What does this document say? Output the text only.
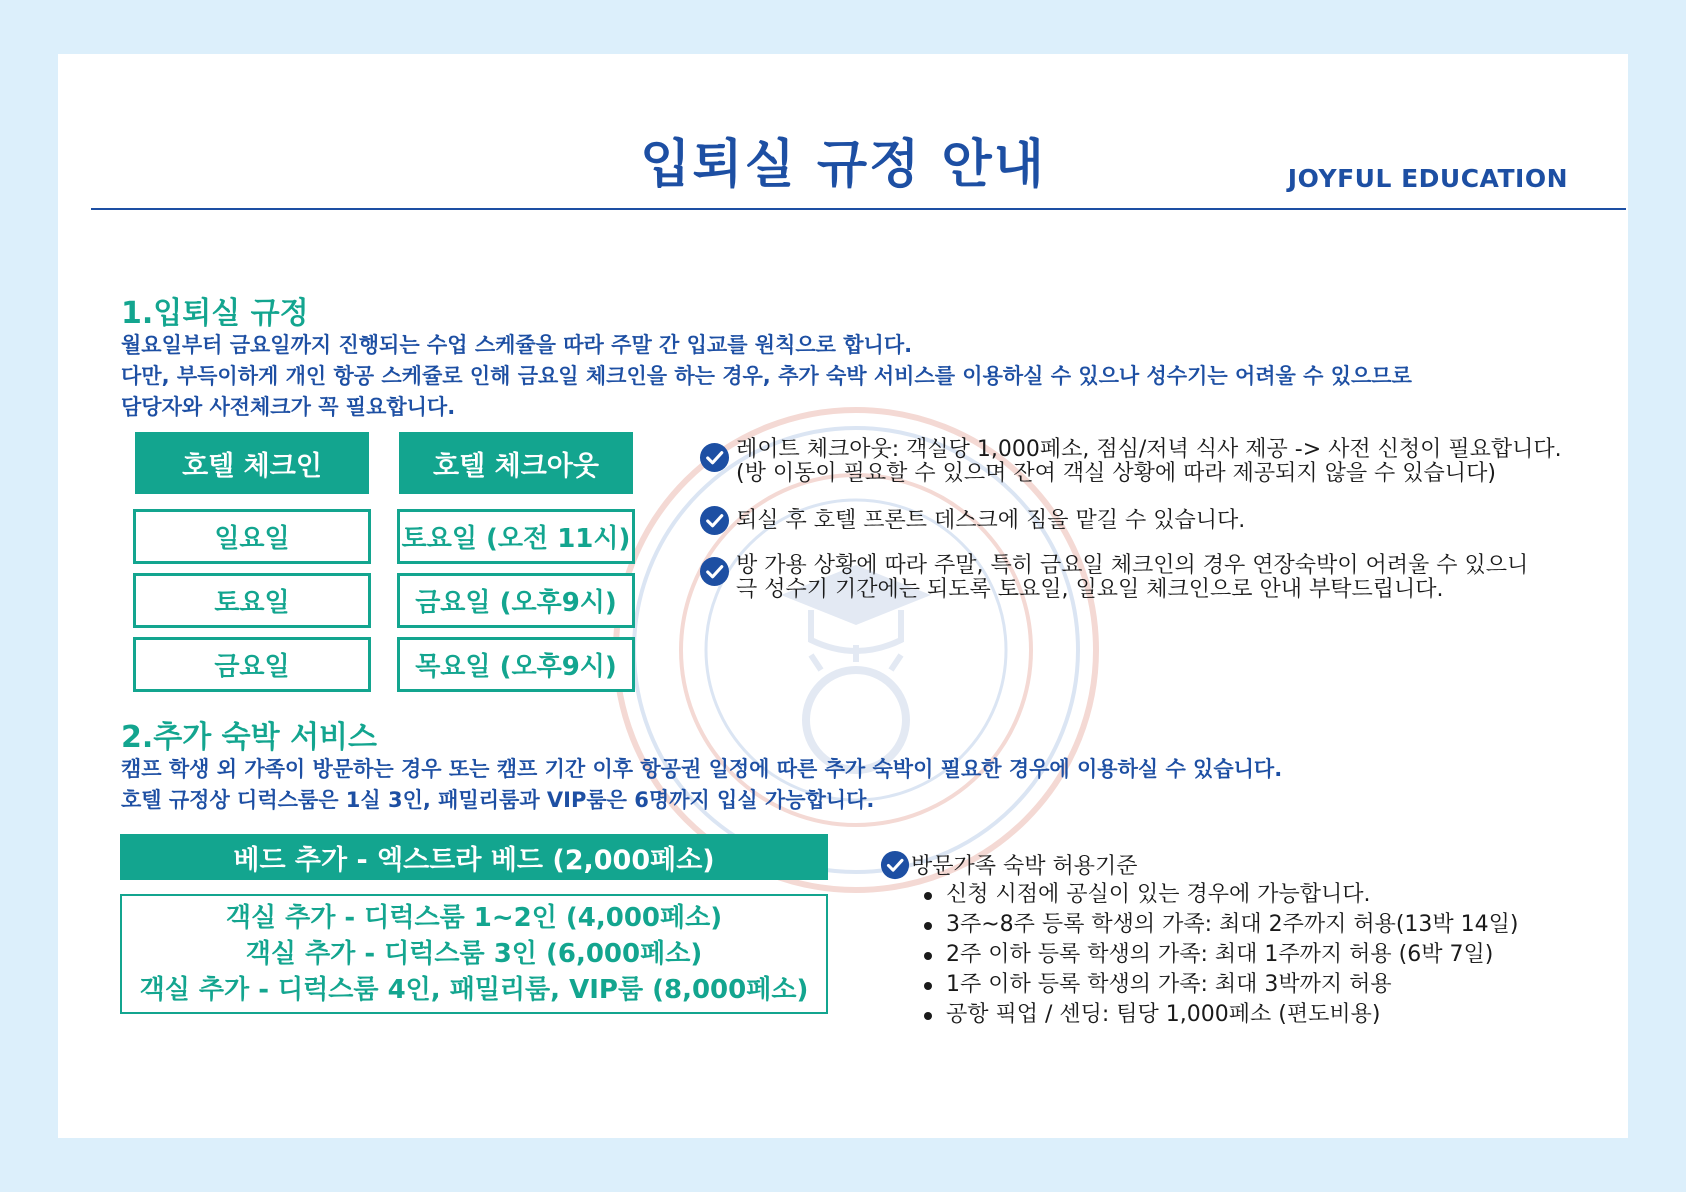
입퇴실 규정 안내	JOYFUL EDUCATION
1.입퇴실 규정
월요일부터 금요일까지 진행되는 수업 스케쥴을 따라 주말 간 입교를 원칙으로 합니다.
다만, 부득이하게 개인 항공 스케쥴로 인해 금요일 체크인을 하는 경우, 추가 숙박 서비스를 이용하실 수 있으나 성수기는 어려울 수 있으므로
담당자와 사전체크가 꼭 필요합니다.
호텔 체크인	호텔 체크아웃
일요일	토요일 (오전 11시)
토요일	금요일 (오후9시)
금요일	목요일 (오후9시)
레이트 체크아웃: 객실당 1,000페소, 점심/저녁 식사 제공 -> 사전 신청이 필요합니다.
(방 이동이 필요할 수 있으며 잔여 객실 상황에 따라 제공되지 않을 수 있습니다)
퇴실 후 호텔 프론트 데스크에 짐을 맡길 수 있습니다.
방 가용 상황에 따라 주말, 특히 금요일 체크인의 경우 연장숙박이 어려울 수 있으니
극 성수기 기간에는 되도록 토요일, 일요일 체크인으로 안내 부탁드립니다.
2.추가 숙박 서비스
캠프 학생 외 가족이 방문하는 경우 또는 캠프 기간 이후 항공권 일정에 따른 추가 숙박이 필요한 경우에 이용하실 수 있습니다.
호텔 규정상 디럭스룸은 1실 3인, 패밀리룸과 VIP룸은 6명까지 입실 가능합니다.
베드 추가 - 엑스트라 베드 (2,000페소)
객실 추가 - 디럭스룸 1~2인 (4,000페소)
객실 추가 - 디럭스룸 3인 (6,000페소)
객실 추가 - 디럭스룸 4인, 패밀리룸, VIP룸 (8,000페소)
방문가족 숙박 허용기준
신청 시점에 공실이 있는 경우에 가능합니다.
3주~8주 등록 학생의 가족: 최대 2주까지 허용(13박 14일)
2주 이하 등록 학생의 가족: 최대 1주까지 허용 (6박 7일)
1주 이하 등록 학생의 가족: 최대 3박까지 허용
공항 픽업 / 센딩: 팀당 1,000페소 (편도비용)
